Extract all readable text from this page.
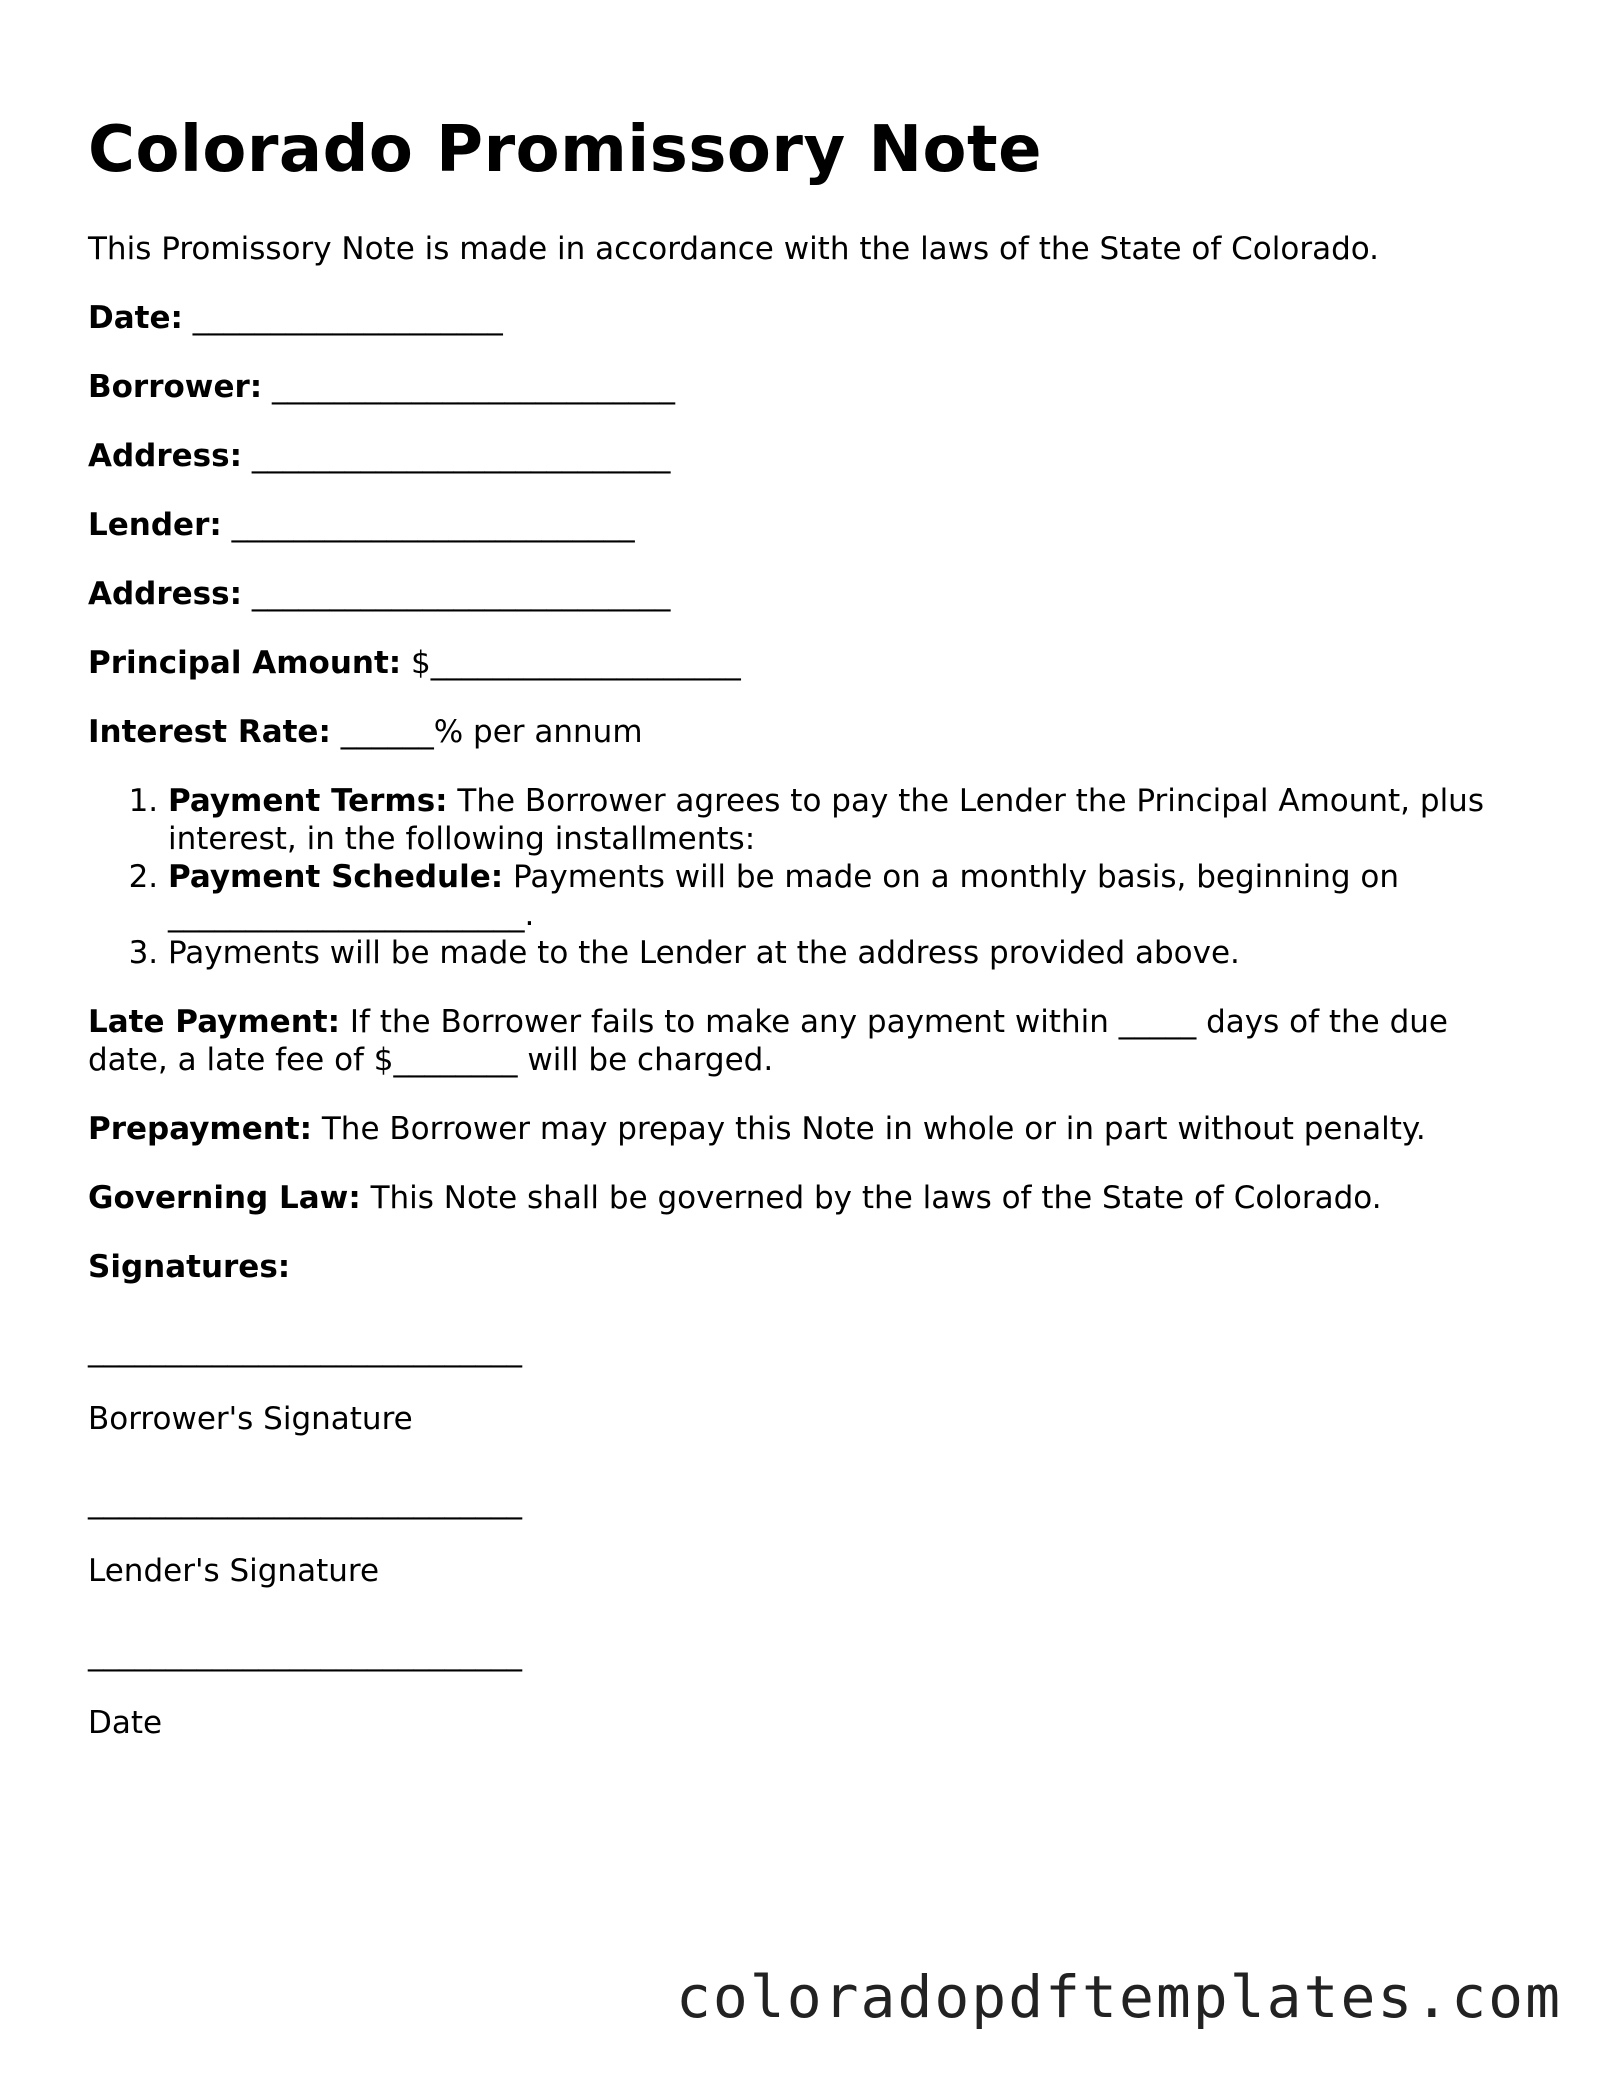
Colorado Promissory Note

This Promissory Note is made in accordance with the laws of the State of Colorado.

Date: ____________________

Borrower: __________________________

Address: ___________________________

Lender: __________________________

Address: ___________________________

Principal Amount: $____________________

Interest Rate: ______% per annum

1. Payment Terms: The Borrower agrees to pay the Lender the Principal Amount, plus interest, in the following installments:
2. Payment Schedule: Payments will be made on a monthly basis, beginning on _______________________.
3. Payments will be made to the Lender at the address provided above.

Late Payment: If the Borrower fails to make any payment within _____ days of the due date, a late fee of $________ will be charged.

Prepayment: The Borrower may prepay this Note in whole or in part without penalty.

Governing Law: This Note shall be governed by the laws of the State of Colorado.

Signatures:

____________________________
Borrower's Signature
____________________________
Lender's Signature
____________________________
Date
coloradopdftemplates.com
